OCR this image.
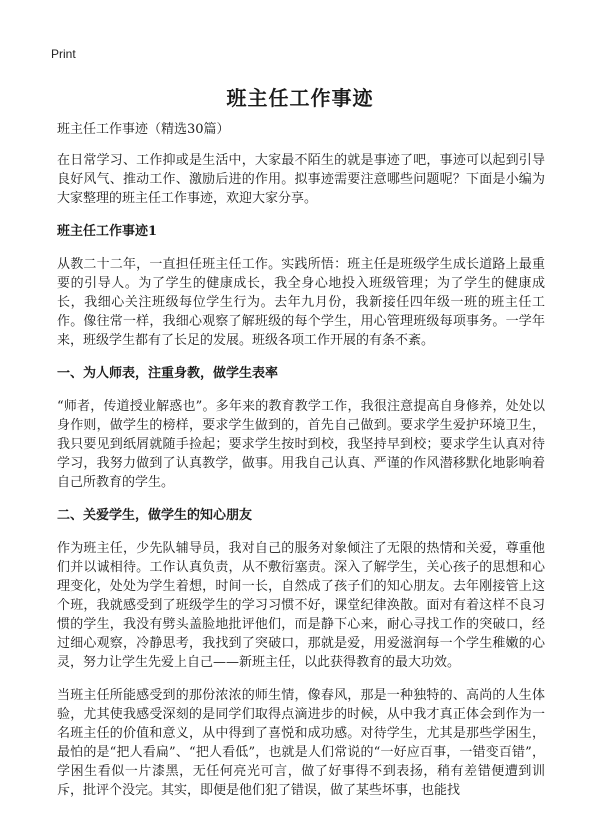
Print
班主任工作事迹

班主任工作事迹（精选30篇）

在日常学习、工作抑或是生活中，大家最不陌生的就是事迹了吧，事迹可以起到引导良好风气、推动工作、激励后进的作用。拟事迹需要注意哪些问题呢？下面是小编为大家整理的班主任工作事迹，欢迎大家分享。

班主任工作事迹1

从教二十二年，一直担任班主任工作。实践所悟：班主任是班级学生成长道路上最重要的引导人。为了学生的健康成长，我全身心地投入班级管理；为了学生的健康成长，我细心关注班级每位学生行为。去年九月份，我新接任四年级一班的班主任工作。像往常一样，我细心观察了解班级的每个学生，用心管理班级每项事务。一学年来，班级学生都有了长足的发展。班级各项工作开展的有条不紊。

一、为人师表，注重身教，做学生表率

“师者，传道授业解惑也”。多年来的教育教学工作，我很注意提高自身修养，处处以身作则，做学生的榜样，要求学生做到的，首先自己做到。要求学生爱护环境卫生，我只要见到纸屑就随手捡起；要求学生按时到校，我坚持早到校；要求学生认真对待学习，我努力做到了认真教学，做事。用我自己认真、严谨的作风潜移默化地影响着自己所教育的学生。

二、关爱学生，做学生的知心朋友

作为班主任，少先队辅导员，我对自己的服务对象倾注了无限的热情和关爱，尊重他们并以诚相待。工作认真负责，从不敷衍塞责。深入了解学生，关心孩子的思想和心理变化，处处为学生着想，时间一长，自然成了孩子们的知心朋友。去年刚接管上这个班，我就感受到了班级学生的学习习惯不好，课堂纪律涣散。面对有着这样不良习惯的学生，我没有劈头盖脸地批评他们，而是静下心来，耐心寻找工作的突破口，经过细心观察，冷静思考，我找到了突破口，那就是爱，用爱滋润每一个学生稚嫩的心灵，努力让学生先爱上自己——新班主任，以此获得教育的最大功效。

当班主任所能感受到的那份浓浓的师生情，像春风，那是一种独特的、高尚的人生体验，尤其使我感受深刻的是同学们取得点滴进步的时候，从中我才真正体会到作为一名班主任的价值和意义，从中得到了喜悦和成功感。对待学生，尤其是那些学困生，最怕的是“把人看扁”、“把人看低”，也就是人们常说的“一好应百事，一错变百错”，学困生看似一片漆黑，无任何亮光可言，做了好事得不到表扬，稍有差错便遭到训斥，批评个没完。其实，即便是他们犯了错误，做了某些坏事，也能找
